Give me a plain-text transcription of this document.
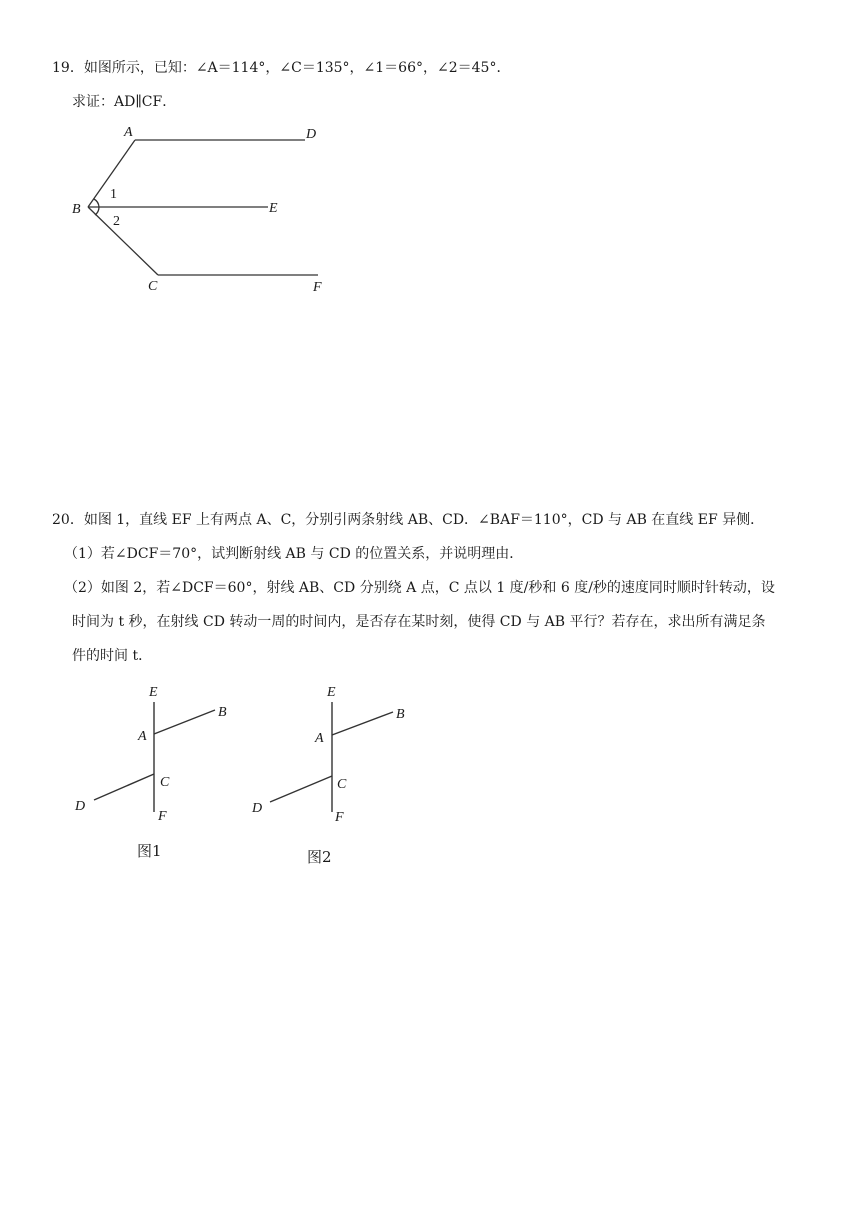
19．如图所示，已知：∠A＝114°，∠C＝135°，∠1＝66°，∠2＝45°．
求证：AD∥CF．
A	D
B	E
C	F
1
2
20．如图 1，直线 EF 上有两点 A、C，分别引两条射线 AB、CD．∠BAF＝110°，CD 与 AB 在直线 EF 异侧．
（1）若∠DCF＝70°，试判断射线 AB 与 CD 的位置关系，并说明理由．
（2）如图 2，若∠DCF＝60°，射线 AB、CD 分别绕 A 点，C 点以 1 度/秒和 6 度/秒的速度同时顺时针转动，设
时间为 t 秒，在射线 CD 转动一周的时间内，是否存在某时刻，使得 CD 与 AB 平行？若存在，求出所有满足条
件的时间 t．
E
A
B
C
D
F
图1
E
A
B
C
D
F
图2
